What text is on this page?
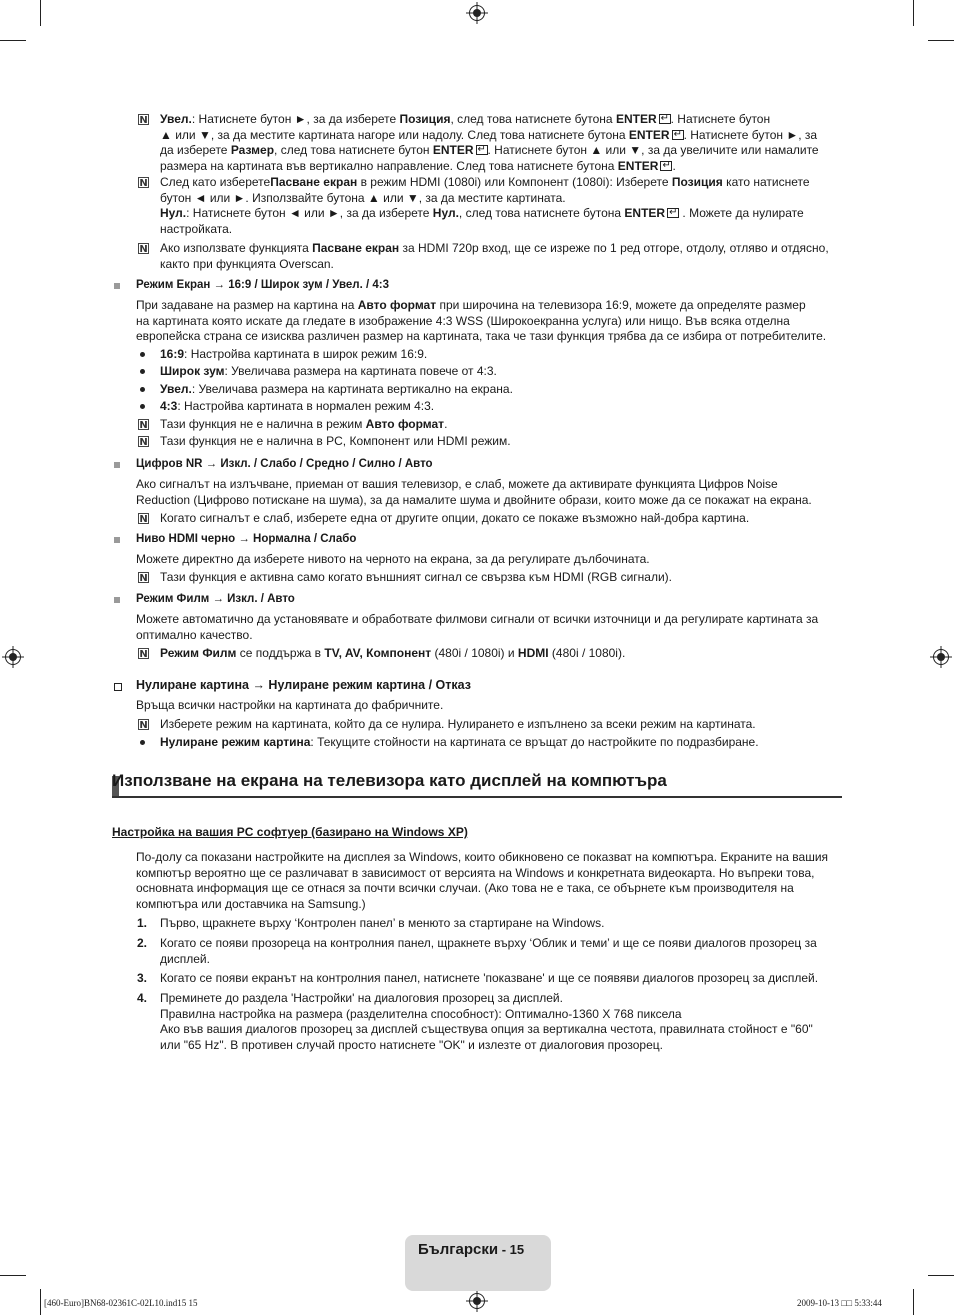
N Увел.: Натиснете бутон ►, за да изберете Позиция, след това натиснете бутона ENTER ↵ . Натиснете бутон
▲ или ▼, за да местите картината нагоре или надолу. След това натиснете бутона ENTER ↵ . Натиснете бутон ►, за
да изберете Размер, след това натиснете бутон ENTER ↵ . Натиснете бутон ▲ или ▼, за да увеличите или намалите
размера на картината във вертикално направление. След това натиснете бутона ENTER ↵ .
N След като изберетеПасване екран в режим HDMI (1080i) или Компонент (1080i): Изберете Позиция като натиснете
бутон ◄ или ►. Използвайте бутона ▲ или ▼, за да местите картината.
Нул.: Натиснете бутон ◄ или ►, за да изберете Нул., след това натиснете бутона ENTER↵ . Можете да нулирате
настройката.
N Ако използвате функцията Пасване екран за HDMI 720p вход, ще се изреже по 1 ред отгоре, отдолу, отляво и отдясно,
както при функцията Overscan.
Режим Екран → 16:9 / Широк зум / Увел. / 4:3
При задаване на размер на картина на Авто формат при широчина на телевизора 16:9, можете да определяте размер
на картината която искате да гледате в изображение 4:3 WSS (Широкоекранна услуга) или нищо. Във всяка отделна
европейска страна се изисква различен размер на картината, така че тази функция трябва да се избира от потребителите.
16:9: Настройва картината в широк режим 16:9.
Широк зум: Увеличава размера на картината повече от 4:3.
Увел.: Увеличава размера на картината вертикално на екрана.
4:3: Настройва картината в нормален режим 4:3.
N Тази функция не е налична в режим Авто формат.
N Тази функция не е налична в PC, Компонент или HDMI режим.
Цифров NR → Изкл. / Слабо / Средно / Силно / Авто
Ако сигналът на излъчване, приеман от вашия телевизор, е слаб, можете да активирате функцията Цифров Noise
Reduction (Цифрово потискане на шума), за да намалите шума и двойните образи, които може да се покажат на екрана.
N Когато сигналът е слаб, изберете една от другите опции, докато се покаже възможно най-добра картина.
Ниво HDMI черно → Нормална / Слабо
Можете директно да изберете нивото на черното на екрана, за да регулирате дълбочината.
N Тази функция е активна само когато външният сигнал се свързва към HDMI (RGB сигнали).
Режим Филм → Изкл. / Авто
Можете автоматично да установявате и обработвате филмови сигнали от всички източници и да регулирате картината за
оптимално качество.
N Режим Филм се поддържа в TV, AV, Компонент (480i / 1080i) и HDMI (480i / 1080i).
Нулиране картина → Нулиране режим картина / Отказ
Връща всички настройки на картината до фабричните.
N Изберете режим на картината, който да се нулира. Нулирането е изпълнено за всеки режим на картината.
Нулиране режим картина: Текущите стойности на картината се връщат до настройките по подразбиране.
Настройка на вашия PC софтуер (базирано на Windows XP)
По-долу са показани настройките на дисплея за Windows, които обикновено се показват на компютъра. Екраните на вашия
компютър вероятно ще се различават в зависимост от версията на Windows и конкретната видеокарта. Но въпреки това,
основната информация ще се отнася за почти всички случаи. (Ако това не е така, се обърнете към производителя на
компютъра или доставчика на Samsung.)
1. Първо, щракнете върху ‘Контролен панел’ в менюто за стартиране на Windows.
2. Когато се появи прозореца на контролния панел, щракнете върху ‘Облик и теми’ и ще се появи диалогов прозорец за
дисплей.
3. Когато се появи екранът на контролния панел, натиснете 'показване' и ще се появяви диалогов прозорец за дисплей.
4. Преминете до раздела 'Настройки' на диалоговия прозорец за дисплей.
Правилна настройка на размера (разделителна способност): Оптимално-1360 X 768 пиксела
Ако във вашия диалогов прозорец за дисплей съществува опция за вертикална честота, правилната стойност е "60"
или "65 Hz". В противен случай просто натиснете "OK" и излезте от диалоговия прозорец.
Използване на екрана на телевизора като дисплей на компютъра
Български - 15
[460-Euro]BN68-02361C-02L10.ind15 15	2009-10-13 □□ 5:33:44
